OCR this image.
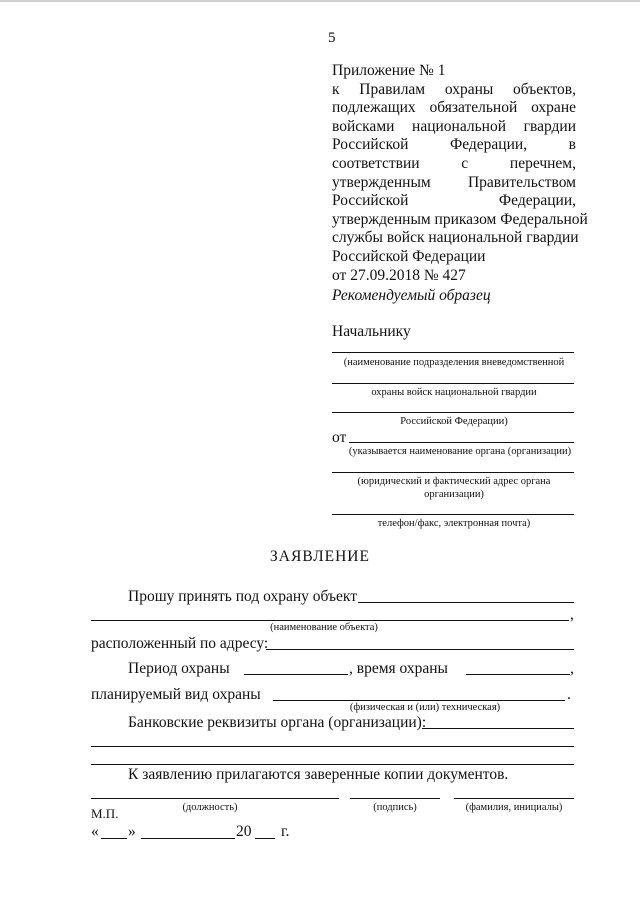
5
Приложение № 1
к Правилам охраны объектов,
подлежащих обязательной охране
войсками национальной гвардии
Российской Федерации, в
соответствии с перечнем,
утвержденным Правительством
Российской Федерации,
утвержденным приказом Федеральной
службы войск национальной гвардии
Российской Федерации
от 27.09.2018 № 427
Рекомендуемый образец
Начальнику
(наименование подразделения вневедомственной
охраны войск национальной гвардии
Российской Федерации)
от
(указывается наименование органа (организации)
(юридический и фактический адрес органа
организации)
телефон/факс, электронная почта)
ЗАЯВЛЕНИЕ
Прошу принять под охрану объект
,
(наименование объекта)
расположенный по адресу:
Период охраны	, время охраны	,
планируемый вид охраны	.
(физическая и (или) техническая)
Банковские реквизиты органа (организации):
К заявлению прилагаются заверенные копии документов.
(должность)	(подпись)	(фамилия, инициалы)
М.П.
« »	20 г.
